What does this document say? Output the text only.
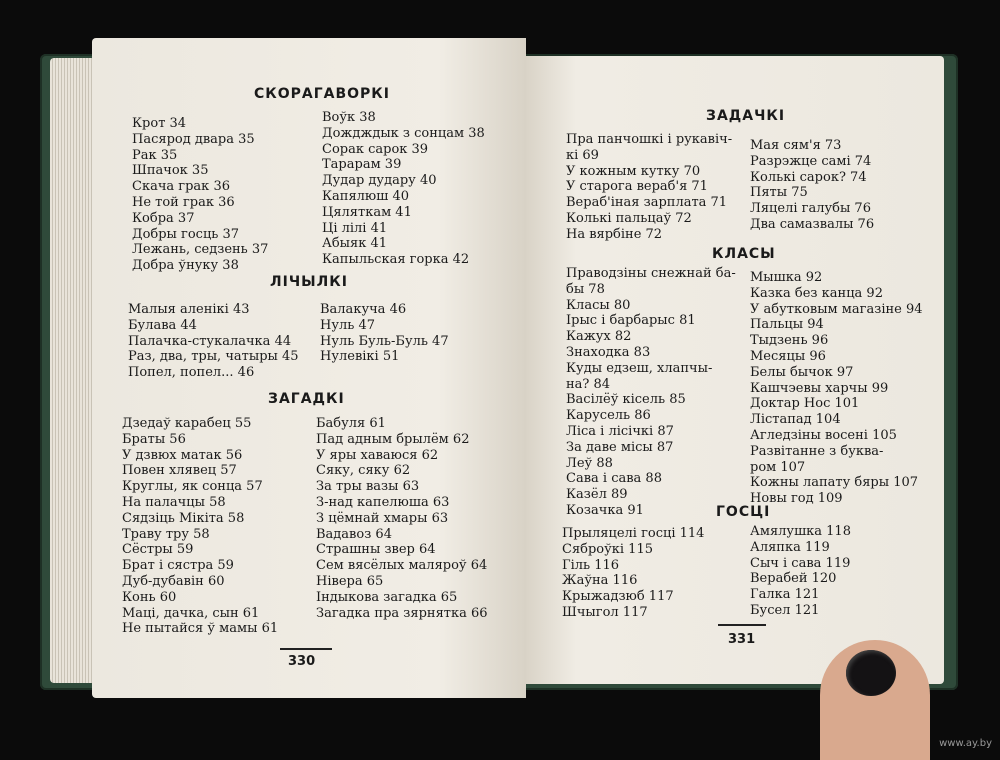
СКОРАГАВОРКІ
Крот 34
Пасярод двара 35
Рак 35
Шпачок 35
Скача грак 36
Не той грак 36
Кобра 37
Добры госць 37
Лежань, седзень 37
Добра ўнуку 38
Воўк 38
Дождждык з сонцам 38
Сорак сарок 39
Тарарам 39
Дудар дудару 40
Капялюш 40
Цяляткам 41
Ці лілі 41
Абыяк 41
Капыльская горка 42
ЛІЧЫЛКІ
Малыя аленікі 43
Булава 44
Палачка-стукалачка 44
Раз, два, тры, чатыры 45
Попел, попел... 46
Валакуча 46
Нуль 47
Нуль Буль-Буль 47
Нулевікі 51
ЗАГАДКІ
Дзедаў карабец 55
Браты 56
У дзвюх матак 56
Повен хлявец 57
Круглы, як сонца 57
На палачцы 58
Сядзіць Мікіта 58
Траву тру 58
Сёстры 59
Брат і сястра 59
Дуб-дубавін 60
Конь 60
Маці, дачка, сын 61
Не пытайся ў мамы 61
Бабуля 61
Пад адным брылём 62
У яры хаваюся 62
Сяку, сяку 62
За тры вазы 63
З-над капелюша 63
З цёмнай хмары 63
Вадавоз 64
Страшны звер 64
Сем вясёлых маляроў 64
Нівера 65
Індыкова загадка 65
Загадка пра зярнятка 66
330
ЗАДАЧКІ
Пра панчошкі і рукавіч-
кі 69
У кожным кутку 70
У старога вераб'я 71
Вераб'іная зарплата 71
Колькі пальцаў 72
На вярбіне 72
Мая сям'я 73
Разрэжце самі 74
Колькі сарок? 74
Пяты 75
Ляцелі галубы 76
Два самазвалы 76
КЛАСЫ
Праводзіны снежнай ба-
бы 78
Класы 80
Ірыс і барбарыс 81
Кажух 82
Знаходка 83
Куды едзеш, хлапчы-
на? 84
Васілёў кісель 85
Карусель 86
Ліса і лісічкі 87
За даве місы 87
Леў 88
Сава і сава 88
Казёл 89
Козачка 91
Мышка 92
Казка без канца 92
У абутковым магазіне 94
Пальцы 94
Тыдзень 96
Месяцы 96
Белы бычок 97
Кашчэевы харчы 99
Доктар Нос 101
Лістапад 104
Агледзіны восені 105
Развітанне з буква-
ром 107
Кожны лапату бяры 107
Новы год 109
ГОСЦІ
Прыляцелі госці 114
Сяброўкі 115
Гіль 116
Жаўна 116
Крыжадзюб 117
Шчыгол 117
Амялушка 118
Аляпка 119
Сыч і сава 119
Верабей 120
Галка 121
Бусел 121
331
www.ay.by
